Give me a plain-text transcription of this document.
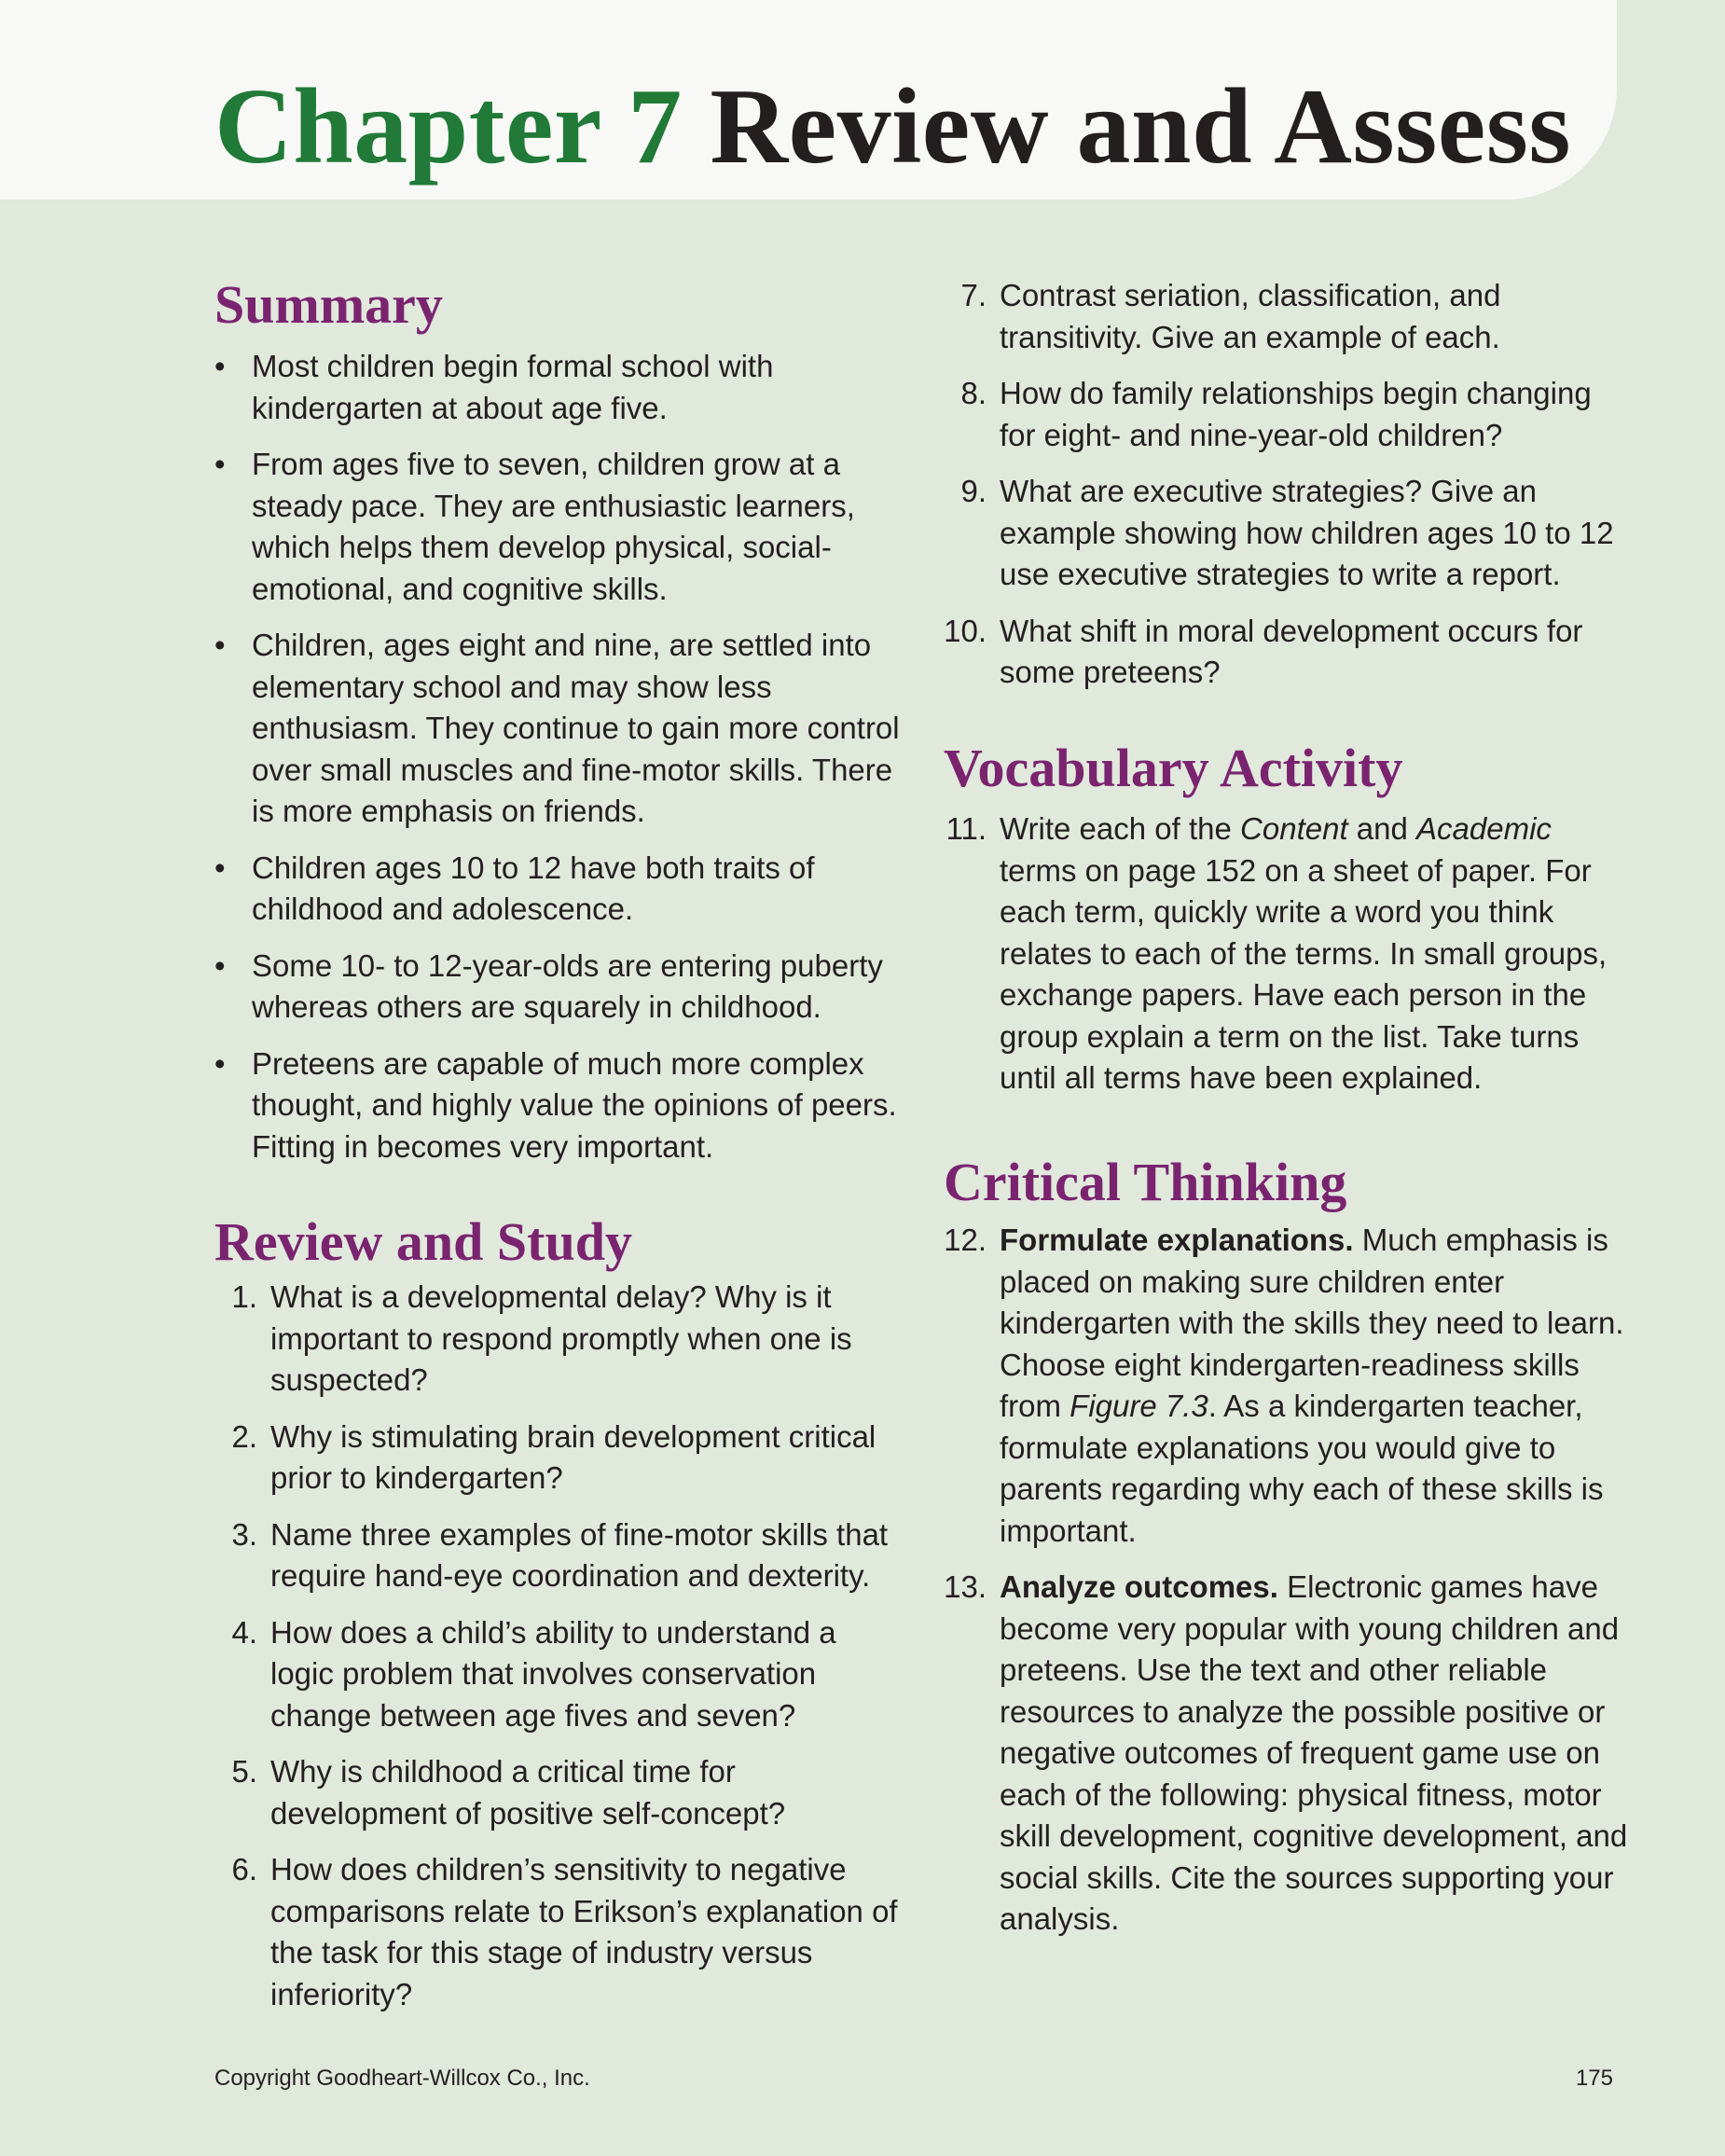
Chapter 7 Review and Assess
Summary
• Most children begin formal school with kindergarten at about age five.
• From ages five to seven, children grow at a steady pace. They are enthusiastic learners, which helps them develop physical, social-emotional, and cognitive skills.
• Children, ages eight and nine, are settled into elementary school and may show less enthusiasm. They continue to gain more control over small muscles and fine-motor skills. There is more emphasis on friends.
• Children ages 10 to 12 have both traits of childhood and adolescence.
• Some 10- to 12-year-olds are entering puberty whereas others are squarely in childhood.
• Preteens are capable of much more complex thought, and highly value the opinions of peers. Fitting in becomes very important.
Review and Study
1. What is a developmental delay? Why is it important to respond promptly when one is suspected?
2. Why is stimulating brain development critical prior to kindergarten?
3. Name three examples of fine-motor skills that require hand-eye coordination and dexterity.
4. How does a child’s ability to understand a logic problem that involves conservation change between age fives and seven?
5. Why is childhood a critical time for development of positive self-concept?
6. How does children’s sensitivity to negative comparisons relate to Erikson’s explanation of the task for this stage of industry versus inferiority?
7. Contrast seriation, classification, and transitivity. Give an example of each.
8. How do family relationships begin changing for eight- and nine-year-old children?
9. What are executive strategies? Give an example showing how children ages 10 to 12 use executive strategies to write a report.
10. What shift in moral development occurs for some preteens?
Vocabulary Activity
11. Write each of the Content and Academic terms on page 152 on a sheet of paper. For each term, quickly write a word you think relates to each of the terms. In small groups, exchange papers. Have each person in the group explain a term on the list. Take turns until all terms have been explained.
Critical Thinking
12. Formulate explanations. Much emphasis is placed on making sure children enter kindergarten with the skills they need to learn. Choose eight kindergarten-readiness skills from Figure 7.3. As a kindergarten teacher, formulate explanations you would give to parents regarding why each of these skills is important.
13. Analyze outcomes. Electronic games have become very popular with young children and preteens. Use the text and other reliable resources to analyze the possible positive or negative outcomes of frequent game use on each of the following: physical fitness, motor skill development, cognitive development, and social skills. Cite the sources supporting your analysis.
Copyright Goodheart-Willcox Co., Inc.	175
